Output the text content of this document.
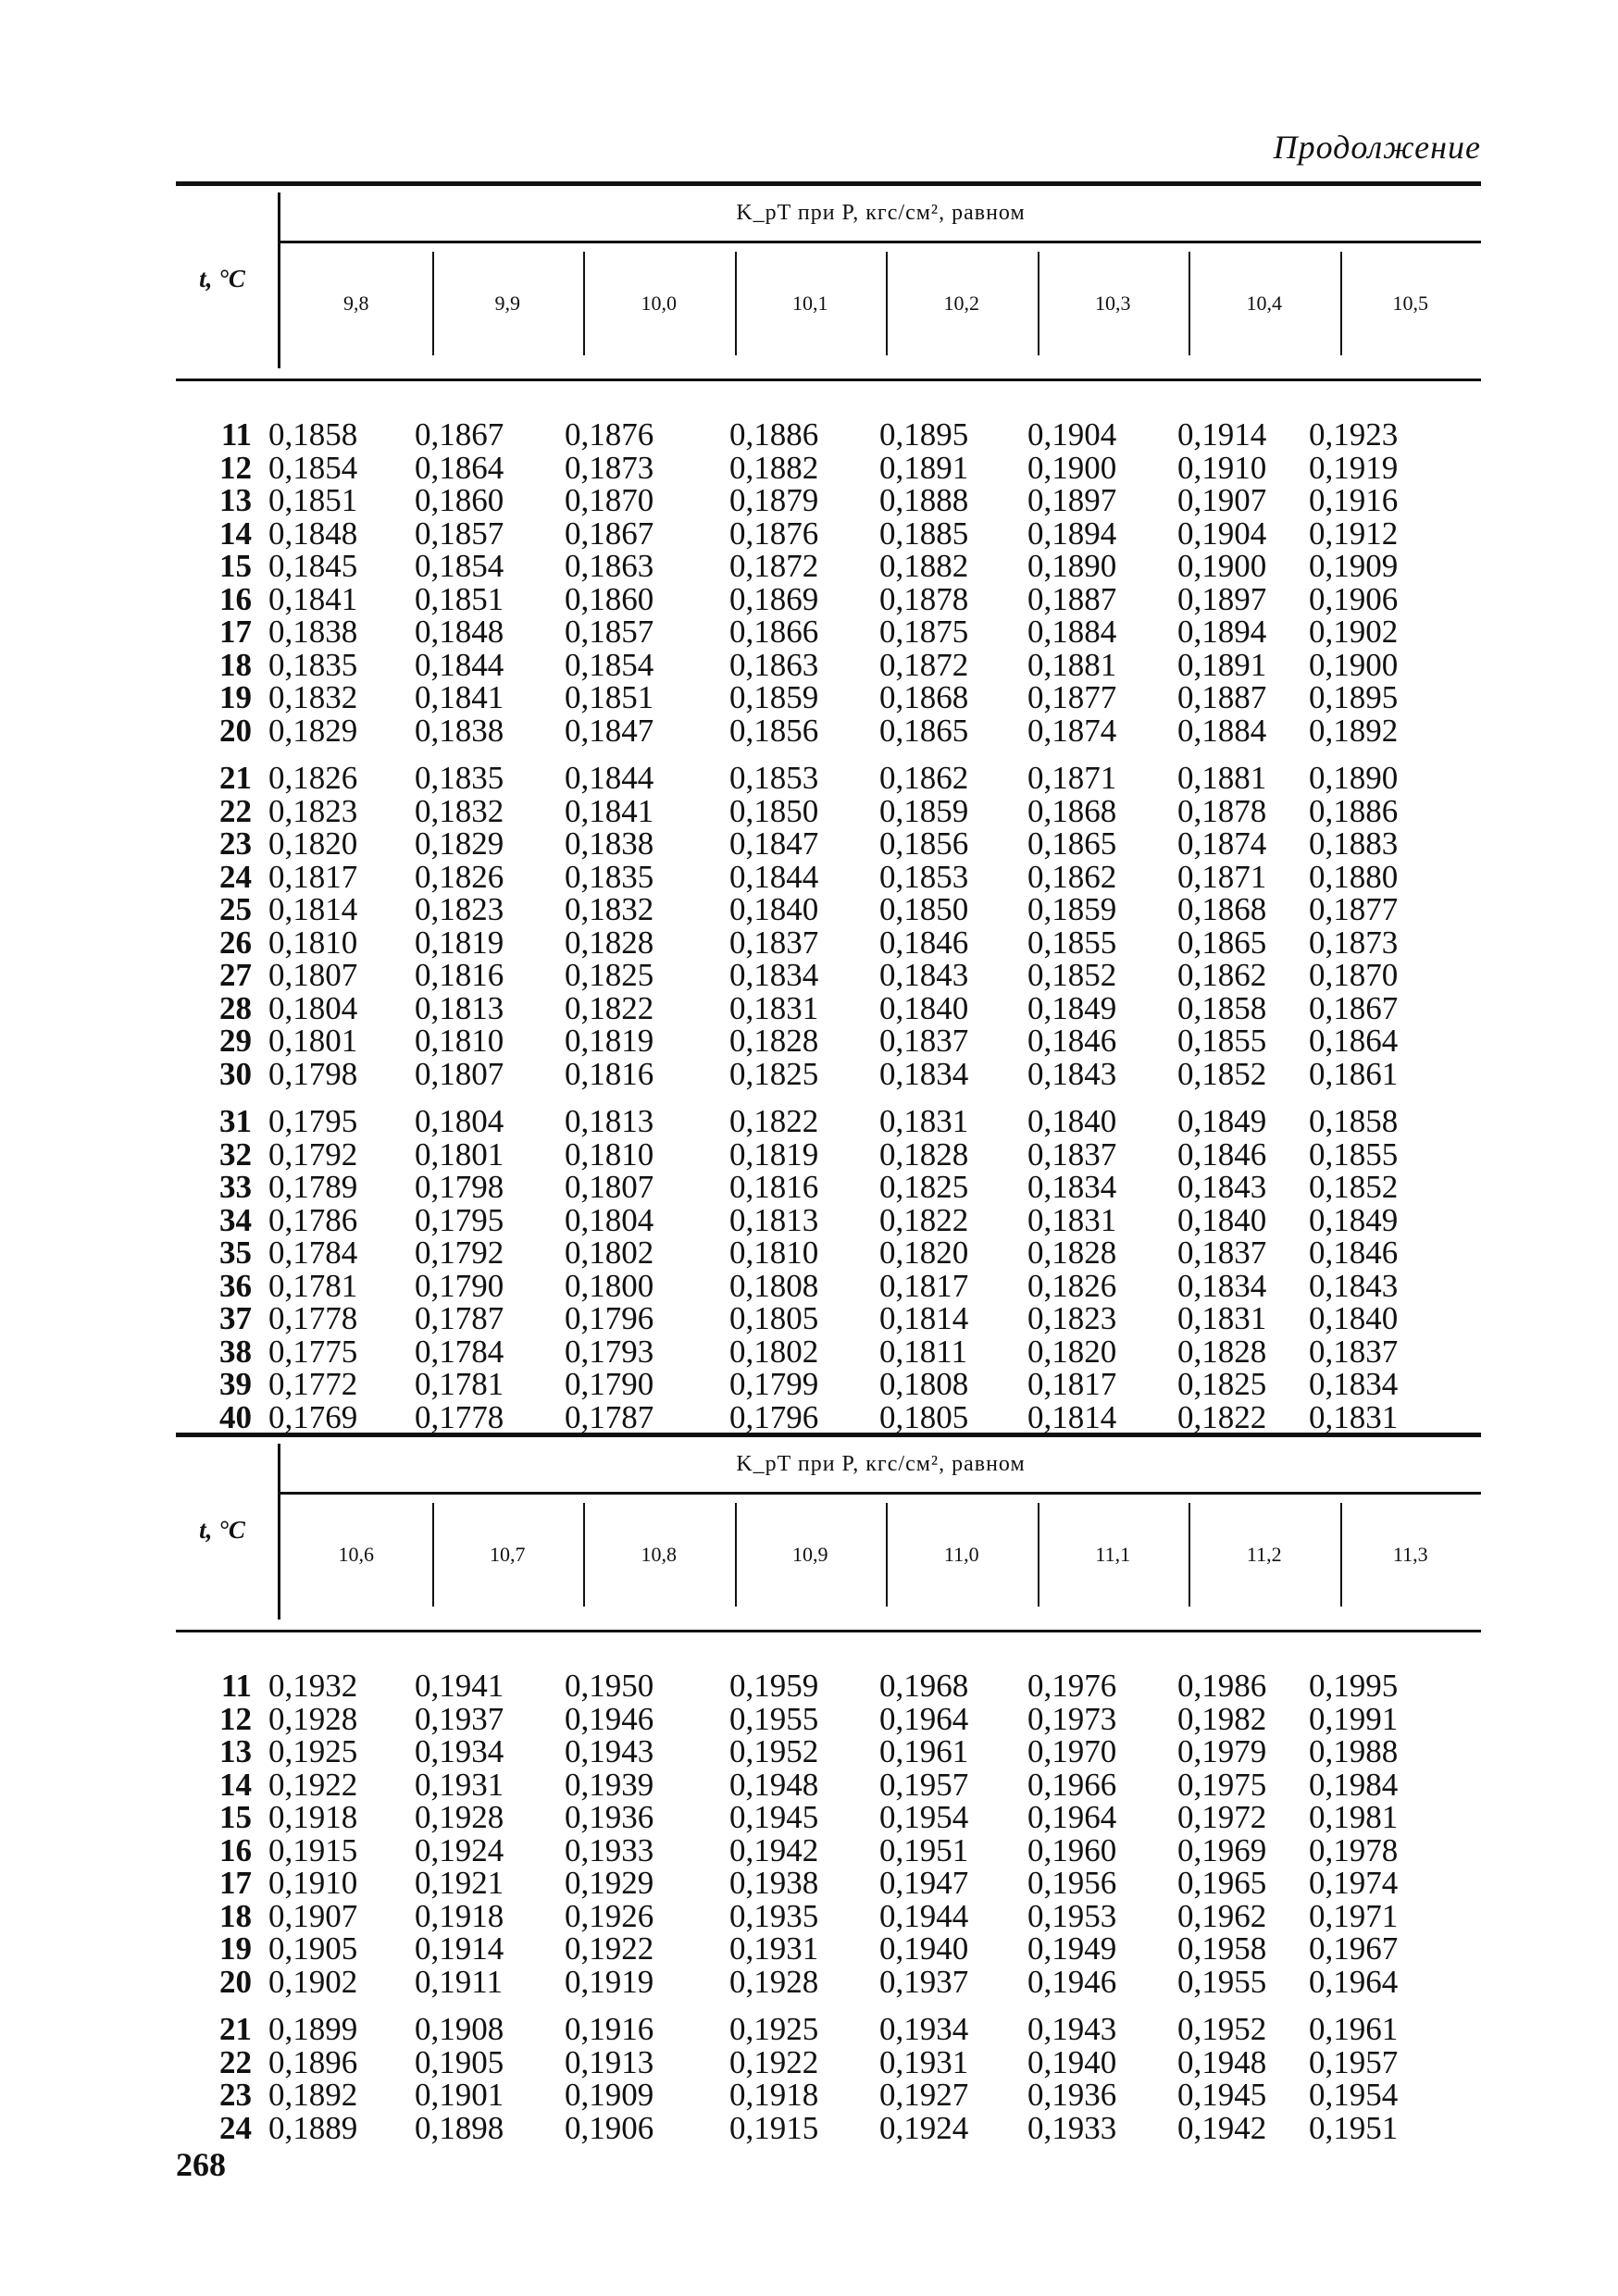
Продолжение
t, °C
K_pT при P, кгс/см², равном
9,8	9,9	10,0	10,1	10,2	10,3	10,4	10,5
11 0,1858	0,1867	0,1876	0,1886	0,1895	0,1904	0,1914	0,1923
12 0,1854	0,1864	0,1873	0,1882	0,1891	0,1900	0,1910	0,1919
13 0,1851	0,1860	0,1870	0,1879	0,1888	0,1897	0,1907	0,1916
14 0,1848	0,1857	0,1867	0,1876	0,1885	0,1894	0,1904	0,1912
15 0,1845	0,1854	0,1863	0,1872	0,1882	0,1890	0,1900	0,1909
16 0,1841	0,1851	0,1860	0,1869	0,1878	0,1887	0,1897	0,1906
17 0,1838	0,1848	0,1857	0,1866	0,1875	0,1884	0,1894	0,1902
18 0,1835	0,1844	0,1854	0,1863	0,1872	0,1881	0,1891	0,1900
19 0,1832	0,1841	0,1851	0,1859	0,1868	0,1877	0,1887	0,1895
20 0,1829	0,1838	0,1847	0,1856	0,1865	0,1874	0,1884	0,1892
21 0,1826	0,1835	0,1844	0,1853	0,1862	0,1871	0,1881	0,1890
22 0,1823	0,1832	0,1841	0,1850	0,1859	0,1868	0,1878	0,1886
23 0,1820	0,1829	0,1838	0,1847	0,1856	0,1865	0,1874	0,1883
24 0,1817	0,1826	0,1835	0,1844	0,1853	0,1862	0,1871	0,1880
25 0,1814	0,1823	0,1832	0,1840	0,1850	0,1859	0,1868	0,1877
26 0,1810	0,1819	0,1828	0,1837	0,1846	0,1855	0,1865	0,1873
27 0,1807	0,1816	0,1825	0,1834	0,1843	0,1852	0,1862	0,1870
28 0,1804	0,1813	0,1822	0,1831	0,1840	0,1849	0,1858	0,1867
29 0,1801	0,1810	0,1819	0,1828	0,1837	0,1846	0,1855	0,1864
30 0,1798	0,1807	0,1816	0,1825	0,1834	0,1843	0,1852	0,1861
31 0,1795	0,1804	0,1813	0,1822	0,1831	0,1840	0,1849	0,1858
32 0,1792	0,1801	0,1810	0,1819	0,1828	0,1837	0,1846	0,1855
33 0,1789	0,1798	0,1807	0,1816	0,1825	0,1834	0,1843	0,1852
34 0,1786	0,1795	0,1804	0,1813	0,1822	0,1831	0,1840	0,1849
35 0,1784	0,1792	0,1802	0,1810	0,1820	0,1828	0,1837	0,1846
36 0,1781	0,1790	0,1800	0,1808	0,1817	0,1826	0,1834	0,1843
37 0,1778	0,1787	0,1796	0,1805	0,1814	0,1823	0,1831	0,1840
38 0,1775	0,1784	0,1793	0,1802	0,1811	0,1820	0,1828	0,1837
39 0,1772	0,1781	0,1790	0,1799	0,1808	0,1817	0,1825	0,1834
40 0,1769	0,1778	0,1787	0,1796	0,1805	0,1814	0,1822	0,1831
t, °C
K_pT при P, кгс/см², равном
10,6	10,7	10,8	10,9	11,0	11,1	11,2	11,3
11 0,1932	0,1941	0,1950	0,1959	0,1968	0,1976	0,1986	0,1995
12 0,1928	0,1937	0,1946	0,1955	0,1964	0,1973	0,1982	0,1991
13 0,1925	0,1934	0,1943	0,1952	0,1961	0,1970	0,1979	0,1988
14 0,1922	0,1931	0,1939	0,1948	0,1957	0,1966	0,1975	0,1984
15 0,1918	0,1928	0,1936	0,1945	0,1954	0,1964	0,1972	0,1981
16 0,1915	0,1924	0,1933	0,1942	0,1951	0,1960	0,1969	0,1978
17 0,1910	0,1921	0,1929	0,1938	0,1947	0,1956	0,1965	0,1974
18 0,1907	0,1918	0,1926	0,1935	0,1944	0,1953	0,1962	0,1971
19 0,1905	0,1914	0,1922	0,1931	0,1940	0,1949	0,1958	0,1967
20 0,1902	0,1911	0,1919	0,1928	0,1937	0,1946	0,1955	0,1964
21 0,1899	0,1908	0,1916	0,1925	0,1934	0,1943	0,1952	0,1961
22 0,1896	0,1905	0,1913	0,1922	0,1931	0,1940	0,1948	0,1957
23 0,1892	0,1901	0,1909	0,1918	0,1927	0,1936	0,1945	0,1954
24 0,1889	0,1898	0,1906	0,1915	0,1924	0,1933	0,1942	0,1951
268
